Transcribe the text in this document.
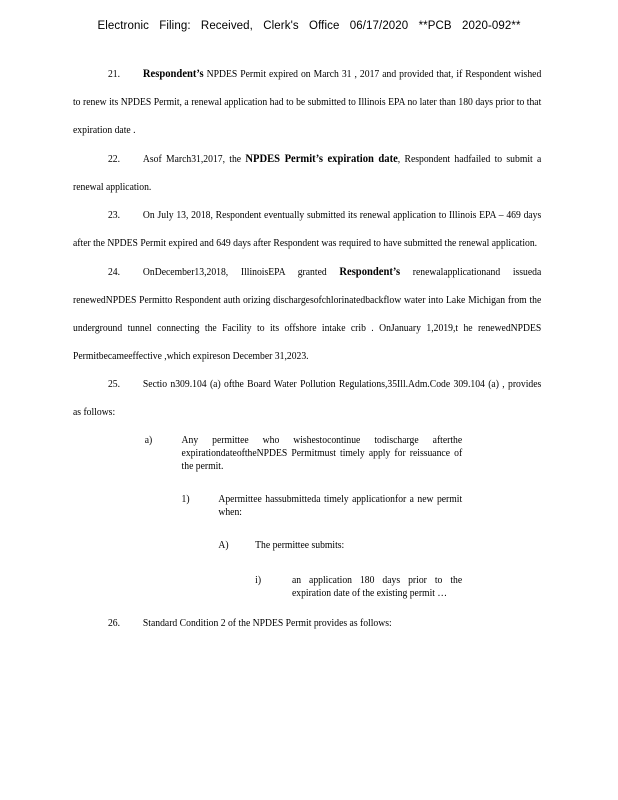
Electronic Filing: Received, Clerk's Office 06/17/2020 **PCB 2020-092**

21. Respondent’s NPDES Permit expired on March 31 , 2017 and provided that, if Respondent wished to renew its NPDES Permit, a renewal application had to be submitted to Illinois EPA no later than 180 days prior to that expiration date .

22. Asof March31,2017, the NPDES Permit’s expiration date, Respondent hadfailed to submit a renewal application.

23. On July 13, 2018, Respondent eventually submitted its renewal application to Illinois EPA – 469 days after the NPDES Permit expired and 649 days after Respondent was required to have submitted the renewal application.

24. OnDecember13,2018, IllinoisEPA granted Respondent’s renewalapplicationand issueda renewedNPDES Permitto Respondent auth orizing dischargesofchlorinatedbackflow water into Lake Michigan from the underground tunnel connecting the Facility to its offshore intake crib . OnJanuary 1,2019,t he renewedNPDES Permitbecameeffective ,which expireson December 31,2023.

25. Sectio n309.104 (a) ofthe Board Water Pollution Regulations,35Ill.Adm.Code 309.104 (a) , provides as follows:

a)	Any permittee who wishestocontinue todischarge afterthe expirationdateoftheNPDES Permitmust timely apply for reissuance of the permit.
1)	Apermittee hassubmitteda timely applicationfor a new permit when:
A)	The permittee submits:
i)	an application 180 days prior to the expiration date of the existing permit …

26. Standard Condition 2 of the NPDES Permit provides as follows:
